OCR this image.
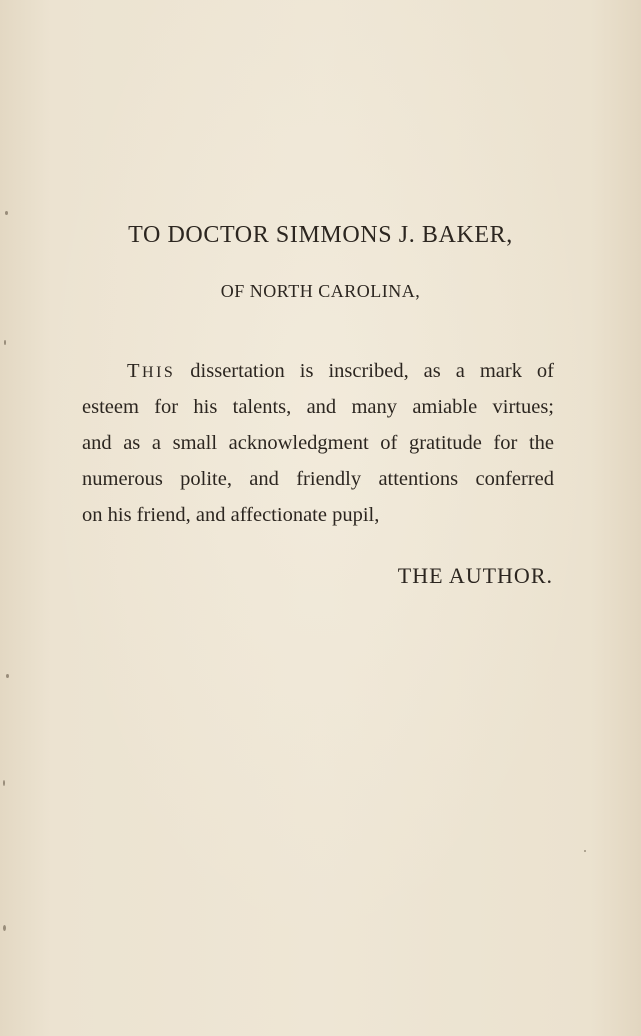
TO DOCTOR SIMMONS J. BAKER,
OF NORTH CAROLINA,
THIS dissertation is inscribed, as a mark of
esteem for his talents, and many amiable virtues;
and as a small acknowledgment of gratitude for the
numerous polite, and friendly attentions conferred
on his friend, and affectionate pupil,
THE AUTHOR.
